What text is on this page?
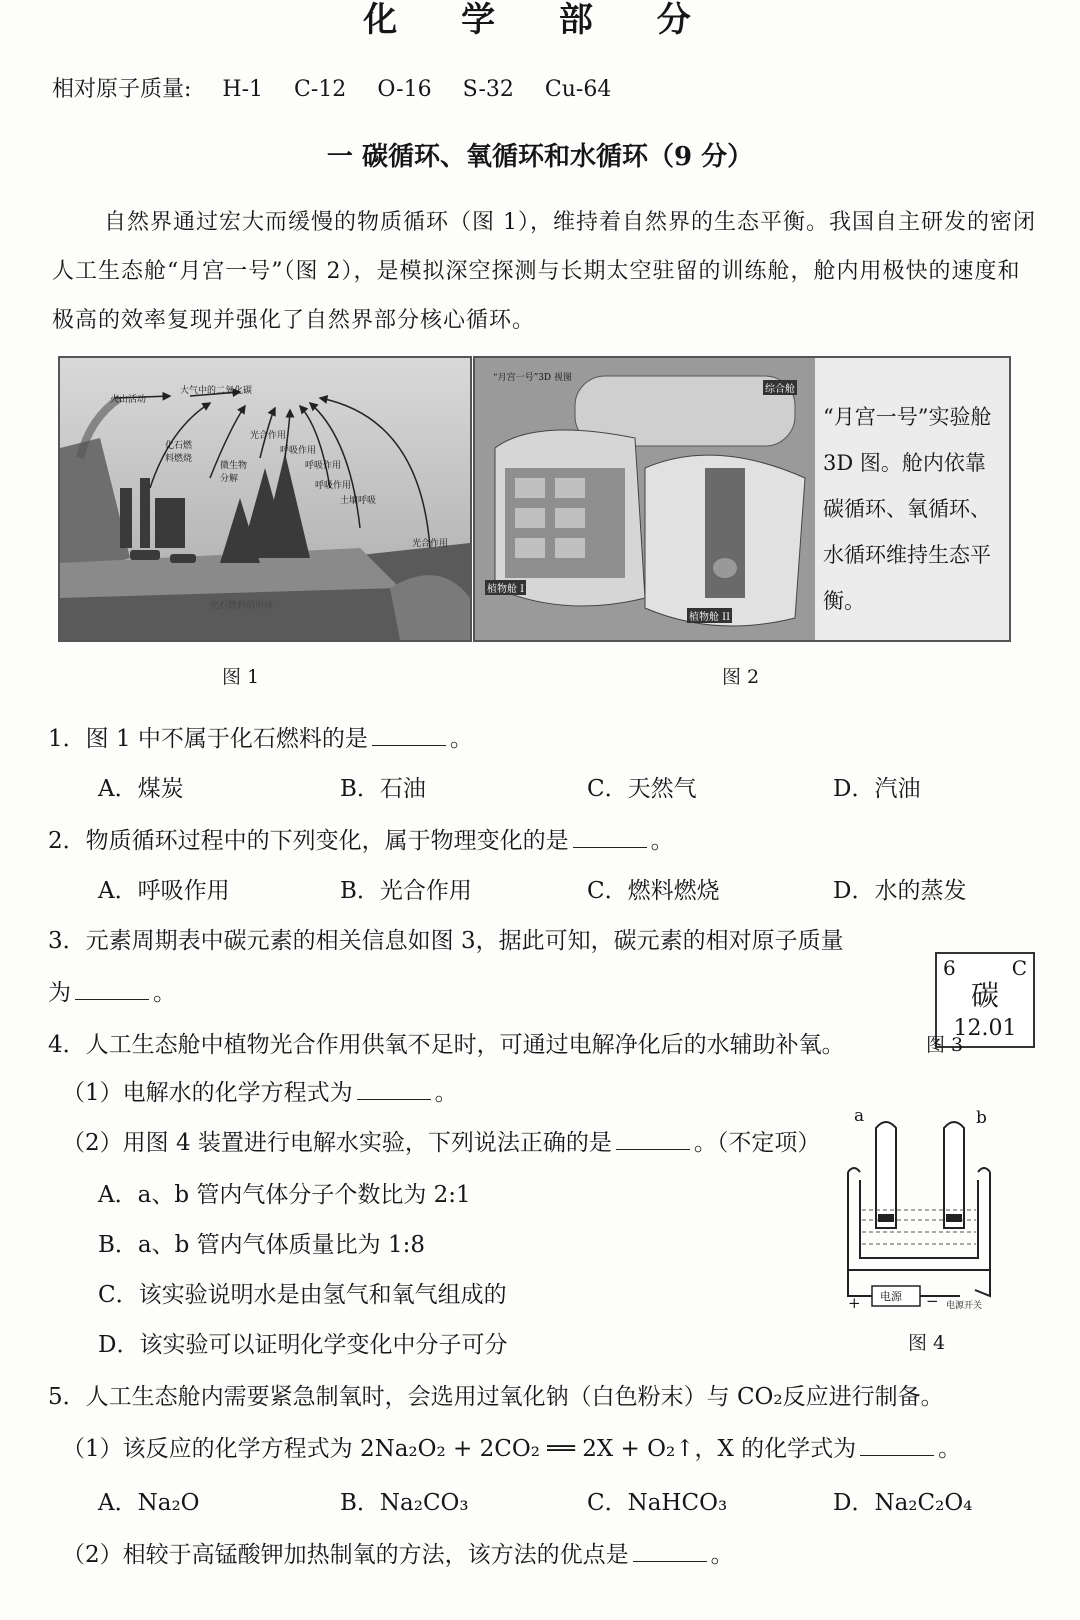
化 学 部 分
相对原子质量: H-1 C-12 O-16 S-32 Cu-64
一 碳循环、氧循环和水循环（9 分）
自然界通过宏大而缓慢的物质循环（图 1），维持着自然界的生态平衡。我国自主研发的密闭人工生态舱“月宫一号”（图 2），是模拟深空探测与长期太空驻留的训练舱，舱内用极快的速度和极高的效率复现并强化了自然界部分核心循环。
火山活动
大气中的二氧化碳
化石燃料燃烧
光合作用
呼吸作用
微生物分解
呼吸作用
呼吸作用
土壤呼吸
光合作用
化石燃料的形成
图 1
“月宫一号”3D 视图
综合舱
植物舱 I
植物舱 II
“月宫一号”实验舱 3D 图。舱内依靠碳循环、氧循环、水循环维持生态平衡。
图 2
1．图 1 中不属于化石燃料的是	。
A．煤炭	B．石油	C．天然气	D．汽油
2．物质循环过程中的下列变化，属于物理变化的是	。
A．呼吸作用	B．光合作用	C．燃料燃烧	D．水的蒸发
3．元素周期表中碳元素的相关信息如图 3，据此可知，碳元素的相对原子质量
为	。
6	C
碳
12.01
图 3
4．人工生态舱中植物光合作用供氧不足时，可通过电解净化后的水辅助补氧。
（1）电解水的化学方程式为	。
（2）用图 4 装置进行电解水实验，下列说法正确的是	。（不定项）
A．a、b 管内气体分子个数比为 2:1
B．a、b 管内气体质量比为 1:8
C．该实验说明水是由氢气和氧气组成的
D．该实验可以证明化学变化中分子可分
a	b
电源
+	− 电源开关
图 4
5．人工生态舱内需要紧急制氧时，会选用过氧化钠（白色粉末）与 CO₂反应进行制备。
（1）该反应的化学方程式为 2Na₂O₂ + 2CO₂ ══ 2X + O₂↑，X 的化学式为	。
A．Na₂O	B．Na₂CO₃	C．NaHCO₃	D．Na₂C₂O₄
（2）相较于高锰酸钾加热制氧的方法，该方法的优点是	。
